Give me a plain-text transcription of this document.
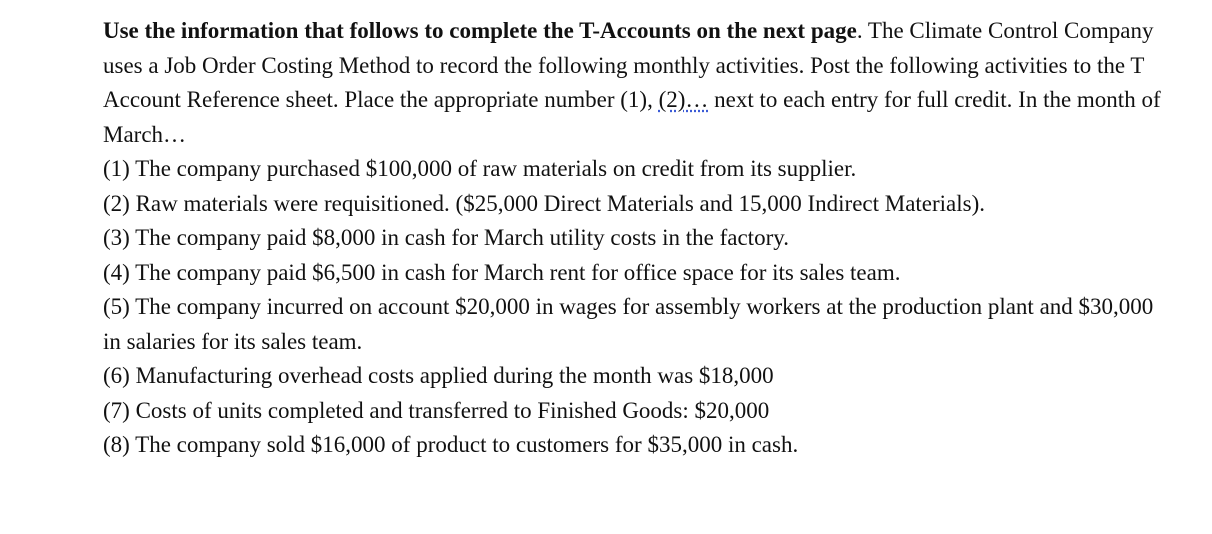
Use the information that follows to complete the T-Accounts on the next page. The Climate Control Company uses a Job Order Costing Method to record the following monthly activities. Post the following activities to the T Account Reference sheet. Place the appropriate number (1), (2)… next to each entry for full credit. In the month of March…

(1) The company purchased $100,000 of raw materials on credit from its supplier.

(2) Raw materials were requisitioned. ($25,000 Direct Materials and 15,000 Indirect Materials).

(3) The company paid $8,000 in cash for March utility costs in the factory.

(4) The company paid $6,500 in cash for March rent for office space for its sales team.

(5) The company incurred on account $20,000 in wages for assembly workers at the production plant and $30,000 in salaries for its sales team.

(6) Manufacturing overhead costs applied during the month was $18,000

(7) Costs of units completed and transferred to Finished Goods: $20,000

(8) The company sold $16,000 of product to customers for $35,000 in cash.
